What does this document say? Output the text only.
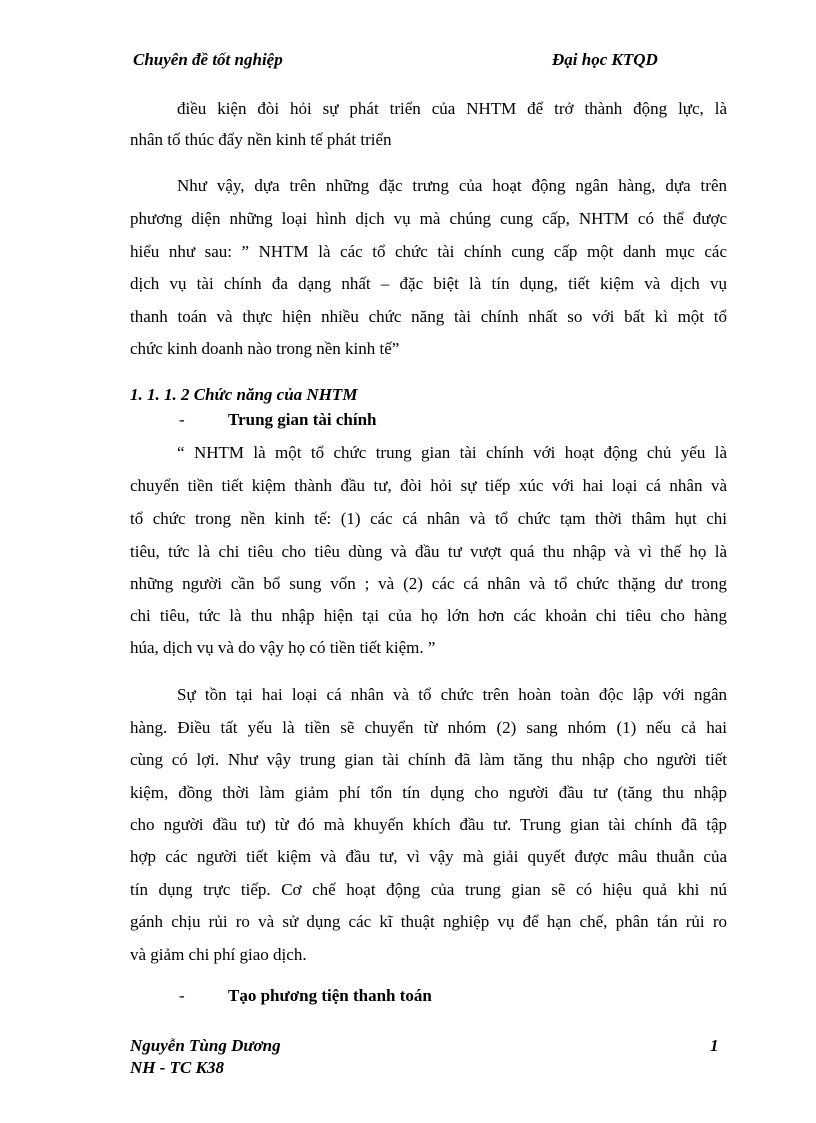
Chuyên đề tốt nghiệp	Đại học KTQD
điều kiện đòi hỏi sự phát triển của NHTM để trở thành động lực, là
nhân tố thúc đẩy nền kinh tế phát triển
Như vậy, dựa trên những đặc trưng của hoạt động ngân hàng, dựa trên
phương diện những loại hình dịch vụ mà chúng cung cấp, NHTM có thể được
hiểu như sau: ” NHTM là các tổ chức tài chính cung cấp một danh mục các
dịch vụ tài chính đa dạng nhất – đặc biệt là tín dụng, tiết kiệm và dịch vụ
thanh toán và thực hiện nhiều chức năng tài chính nhất so với bất kì một tổ
chức kinh doanh nào trong nền kinh tế”
1. 1. 1. 2 Chức năng của NHTM
-	Trung gian tài chính
“ NHTM là một tổ chức trung gian tài chính với hoạt động chủ yếu là
chuyển tiền tiết kiệm thành đầu tư, đòi hỏi sự tiếp xúc với hai loại cá nhân và
tổ chức trong nền kinh tế: (1) các cá nhân và tổ chức tạm thời thâm hụt chi
tiêu, tức là chi tiêu cho tiêu dùng và đầu tư vượt quá thu nhập và vì thế họ là
những người cần bổ sung vốn ; và (2) các cá nhân và tổ chức thặng dư trong
chi tiêu, tức là thu nhập hiện tại của họ lớn hơn các khoản chi tiêu cho hàng
húa, dịch vụ và do vậy họ có tiền tiết kiệm. ”
Sự tồn tại hai loại cá nhân và tổ chức trên hoàn toàn độc lập với ngân
hàng. Điều tất yếu là tiền sẽ chuyển từ nhóm (2) sang nhóm (1) nếu cả hai
cùng có lợi. Như vậy trung gian tài chính đã làm tăng thu nhập cho người tiết
kiệm, đồng thời làm giảm phí tổn tín dụng cho người đầu tư (tăng thu nhập
cho người đầu tư) từ đó mà khuyến khích đầu tư. Trung gian tài chính đã tập
hợp các người tiết kiệm và đầu tư, vì vậy mà giải quyết được mâu thuẫn của
tín dụng trực tiếp. Cơ chế hoạt động của trung gian sẽ có hiệu quả khi nú
gánh chịu rủi ro và sử dụng các kĩ thuật nghiệp vụ để hạn chế, phân tán rủi ro
và giảm chi phí giao dịch.
-	Tạo phương tiện thanh toán
Nguyễn Tùng Dương
NH - TC K38
1
